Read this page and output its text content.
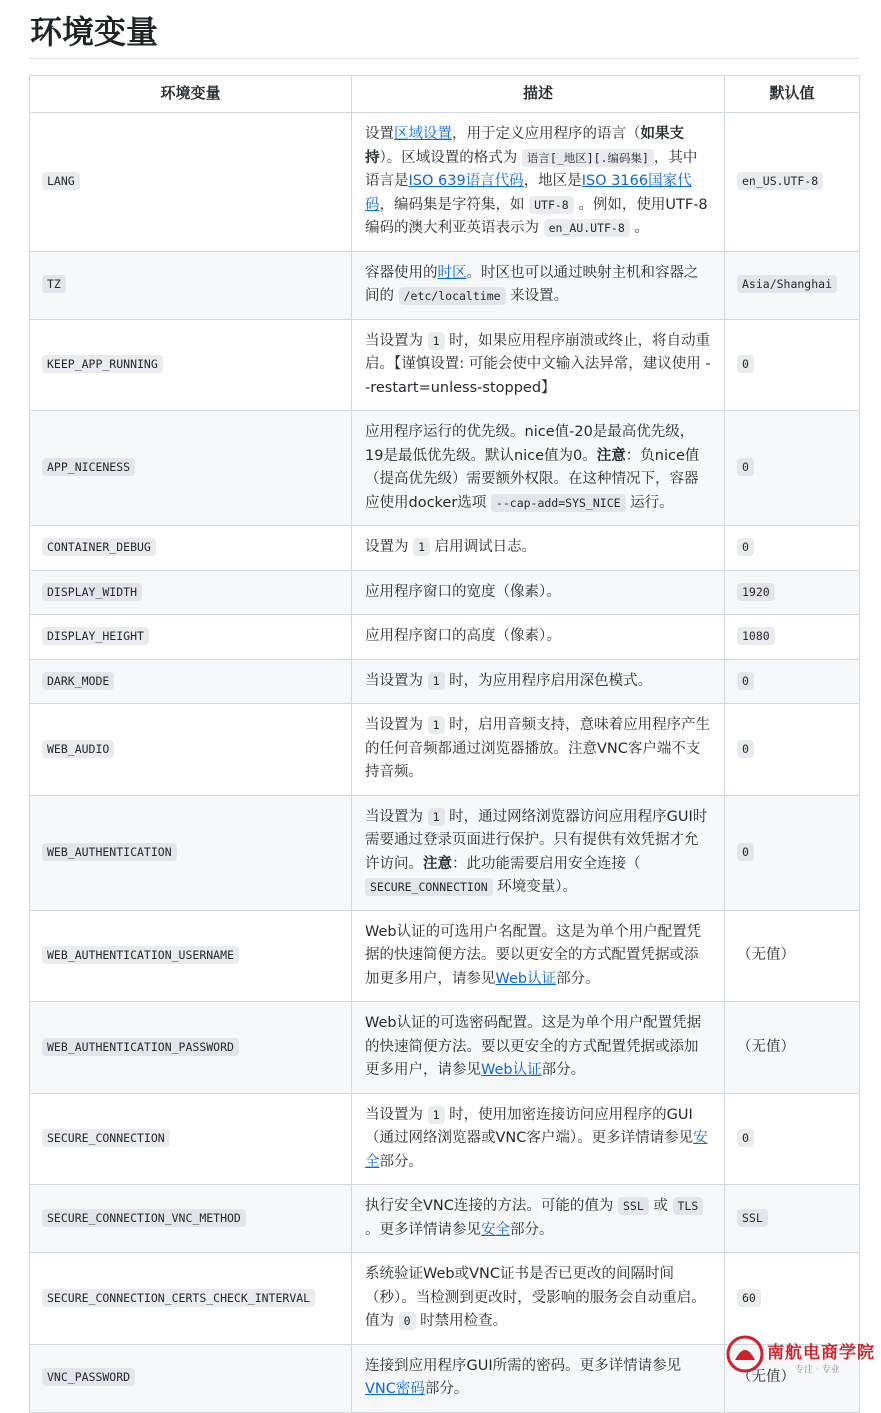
环境变量
环境变量	描述	默认值
LANG	设置区域设置，用于定义应用程序的语言（如果支持）。区域设置的格式为 语言[_地区][.编码集] ，其中语言是ISO 639语言代码，地区是ISO 3166国家代码，编码集是字符集，如 UTF-8 。例如，使用UTF-8编码的澳大利亚英语表示为 en_AU.UTF-8 。	en_US.UTF-8
TZ	容器使用的时区。时区也可以通过映射主机和容器之间的 /etc/localtime 来设置。	Asia/Shanghai
KEEP_APP_RUNNING	当设置为 1 时，如果应用程序崩溃或终止，将自动重启。【谨慎设置: 可能会使中文输入法异常，建议使用 --restart=unless-stopped】	0
APP_NICENESS	应用程序运行的优先级。nice值-20是最高优先级，19是最低优先级。默认nice值为0。注意：负nice值（提高优先级）需要额外权限。在这种情况下，容器应使用docker选项 --cap-add=SYS_NICE 运行。	0
CONTAINER_DEBUG	设置为 1 启用调试日志。	0
DISPLAY_WIDTH	应用程序窗口的宽度（像素）。	1920
DISPLAY_HEIGHT	应用程序窗口的高度（像素）。	1080
DARK_MODE	当设置为 1 时，为应用程序启用深色模式。	0
WEB_AUDIO	当设置为 1 时，启用音频支持，意味着应用程序产生的任何音频都通过浏览器播放。注意VNC客户端不支持音频。	0
WEB_AUTHENTICATION	当设置为 1 时，通过网络浏览器访问应用程序GUI时需要通过登录页面进行保护。只有提供有效凭据才允许访问。注意：此功能需要启用安全连接（ SECURE_CONNECTION 环境变量）。	0
WEB_AUTHENTICATION_USERNAME	Web认证的可选用户名配置。这是为单个用户配置凭据的快速简便方法。要以更安全的方式配置凭据或添加更多用户，请参见Web认证部分。	（无值）
WEB_AUTHENTICATION_PASSWORD	Web认证的可选密码配置。这是为单个用户配置凭据的快速简便方法。要以更安全的方式配置凭据或添加更多用户，请参见Web认证部分。	（无值）
SECURE_CONNECTION	当设置为 1 时，使用加密连接访问应用程序的GUI（通过网络浏览器或VNC客户端）。更多详情请参见安全部分。	0
SECURE_CONNECTION_VNC_METHOD	执行安全VNC连接的方法。可能的值为 SSL 或 TLS 。更多详情请参见安全部分。	SSL
SECURE_CONNECTION_CERTS_CHECK_INTERVAL	系统验证Web或VNC证书是否已更改的间隔时间（秒）。当检测到更改时，受影响的服务会自动重启。值为 0 时禁用检查。	60
VNC_PASSWORD	连接到应用程序GUI所需的密码。更多详情请参见VNC密码部分。	（无值）
南航电商学院
专注 · 专业
